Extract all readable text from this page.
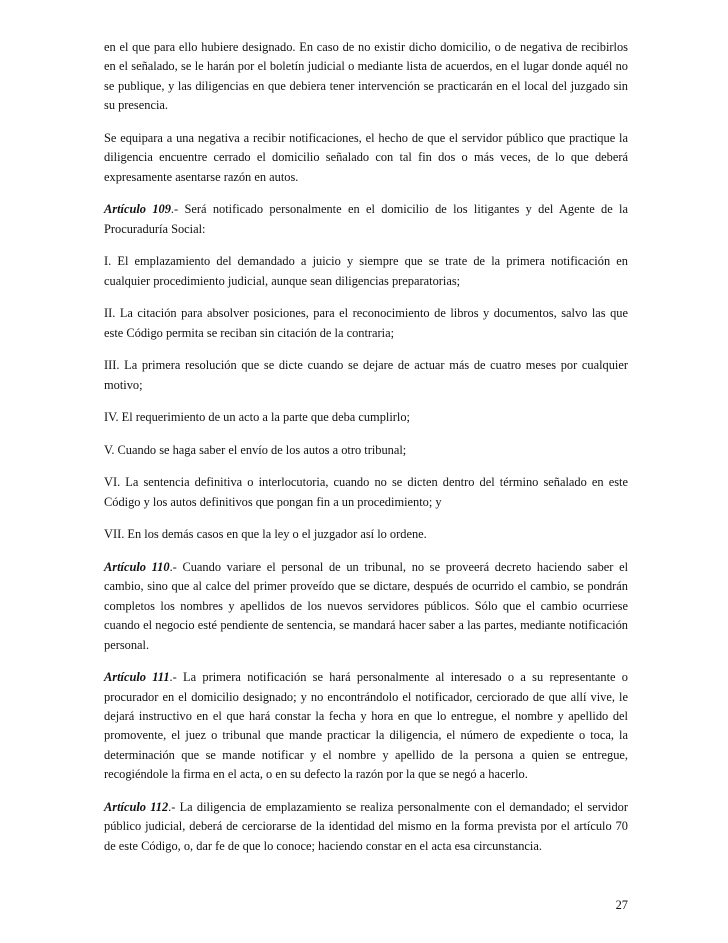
en el que para ello hubiere designado. En caso de no existir dicho domicilio, o de negativa de recibirlos en el señalado, se le harán por el boletín judicial o mediante lista de acuerdos, en el lugar donde aquél no se publique, y las diligencias en que debiera tener intervención se practicarán en el local del juzgado sin su presencia.

Se equipara a una negativa a recibir notificaciones, el hecho de que el servidor público que practique la diligencia encuentre cerrado el domicilio señalado con tal fin dos o más veces, de lo que deberá expresamente asentarse razón en autos.

Artículo 109.- Será notificado personalmente en el domicilio de los litigantes y del Agente de la Procuraduría Social:

I. El emplazamiento del demandado a juicio y siempre que se trate de la primera notificación en cualquier procedimiento judicial, aunque sean diligencias preparatorias;

II. La citación para absolver posiciones, para el reconocimiento de libros y documentos, salvo las que este Código permita se reciban sin citación de la contraria;

III. La primera resolución que se dicte cuando se dejare de actuar más de cuatro meses por cualquier motivo;

IV. El requerimiento de un acto a la parte que deba cumplirlo;

V. Cuando se haga saber el envío de los autos a otro tribunal;

VI. La sentencia definitiva o interlocutoria, cuando no se dicten dentro del término señalado en este Código y los autos definitivos que pongan fin a un procedimiento; y

VII. En los demás casos en que la ley o el juzgador así lo ordene.

Artículo 110.- Cuando variare el personal de un tribunal, no se proveerá decreto haciendo saber el cambio, sino que al calce del primer proveído que se dictare, después de ocurrido el cambio, se pondrán completos los nombres y apellidos de los nuevos servidores públicos. Sólo que el cambio ocurriese cuando el negocio esté pendiente de sentencia, se mandará hacer saber a las partes, mediante notificación personal.

Artículo 111.- La primera notificación se hará personalmente al interesado o a su representante o procurador en el domicilio designado; y no encontrándolo el notificador, cerciorado de que allí vive, le dejará instructivo en el que hará constar la fecha y hora en que lo entregue, el nombre y apellido del promovente, el juez o tribunal que mande practicar la diligencia, el número de expediente o toca, la determinación que se mande notificar y el nombre y apellido de la persona a quien se entregue, recogiéndole la firma en el acta, o en su defecto la razón por la que se negó a hacerlo.

Artículo 112.- La diligencia de emplazamiento se realiza personalmente con el demandado; el servidor público judicial, deberá de cerciorarse de la identidad del mismo en la forma prevista por el artículo 70 de este Código, o, dar fe de que lo conoce; haciendo constar en el acta esa circunstancia.

27
